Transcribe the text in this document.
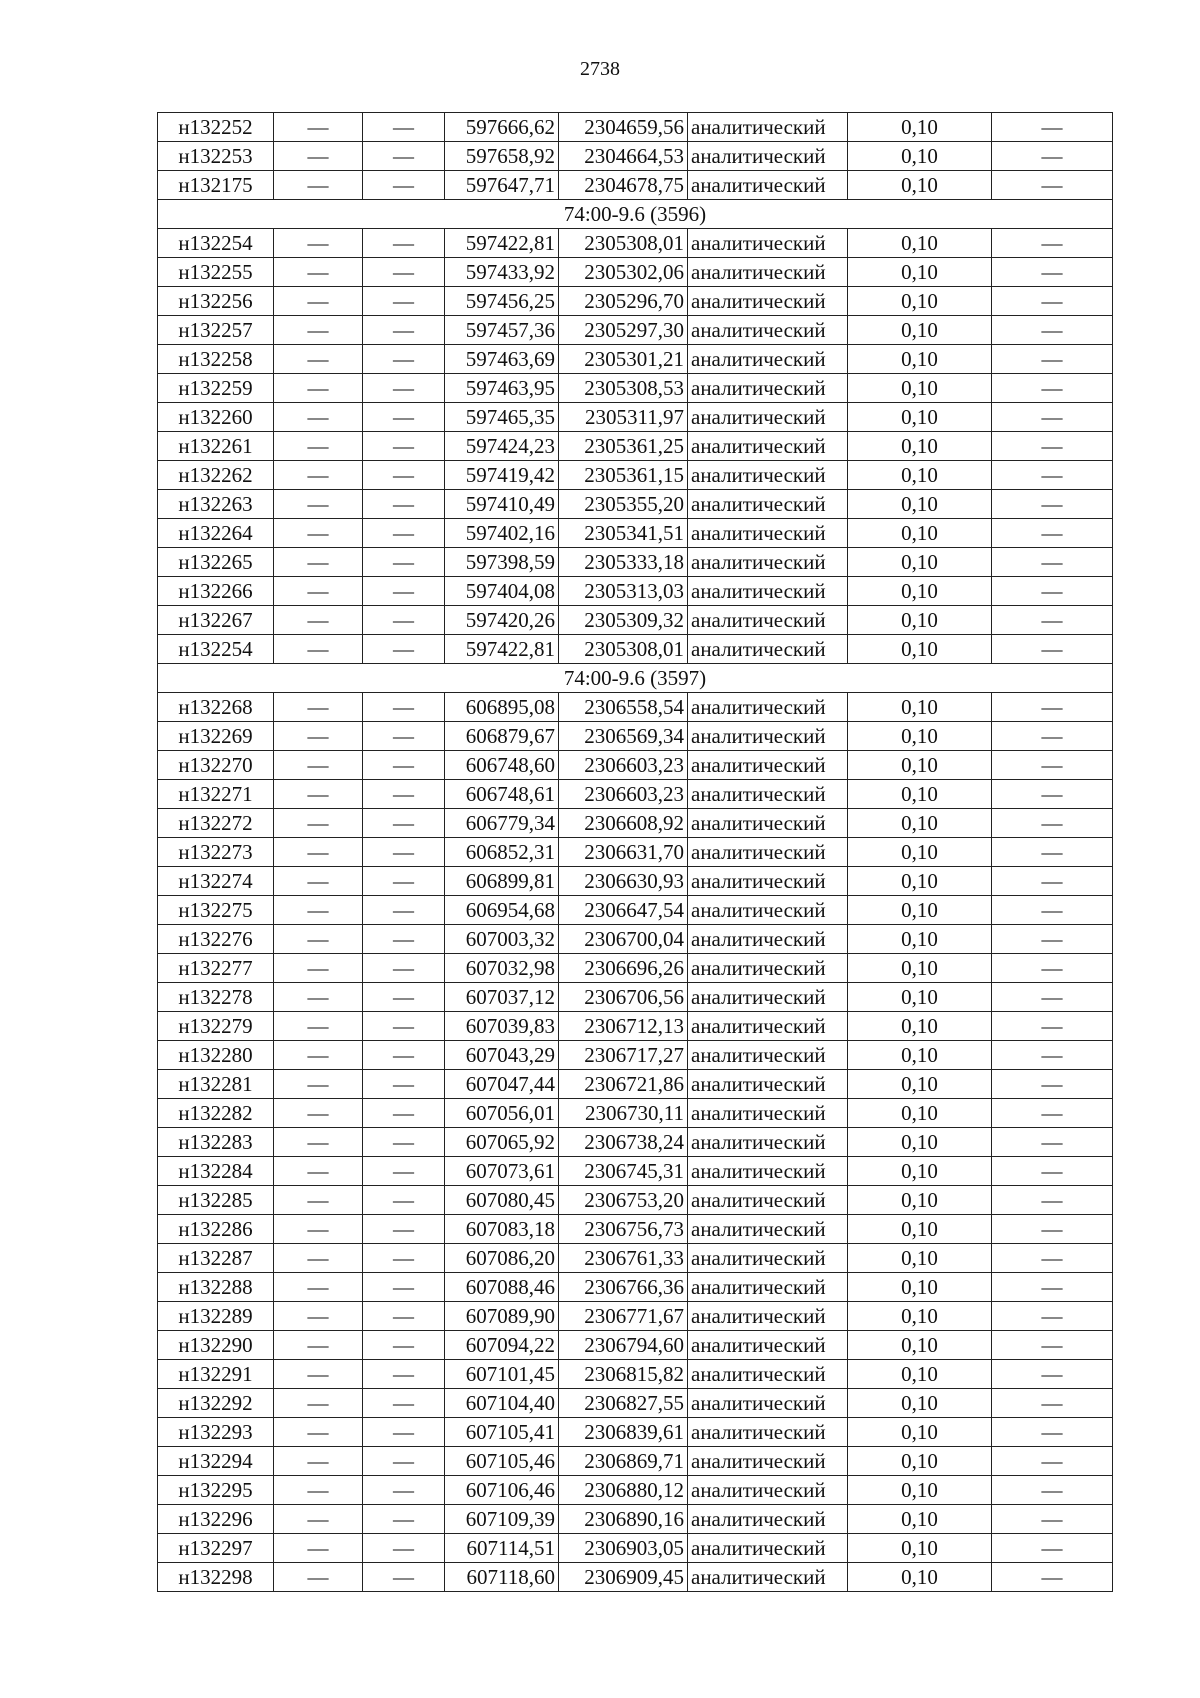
2738
н132252	—	—	597666,62	2304659,56	аналитический	0,10	—
н132253	—	—	597658,92	2304664,53	аналитический	0,10	—
н132175	—	—	597647,71	2304678,75	аналитический	0,10	—
74:00-9.6 (3596)							
н132254	—	—	597422,81	2305308,01	аналитический	0,10	—
н132255	—	—	597433,92	2305302,06	аналитический	0,10	—
н132256	—	—	597456,25	2305296,70	аналитический	0,10	—
н132257	—	—	597457,36	2305297,30	аналитический	0,10	—
н132258	—	—	597463,69	2305301,21	аналитический	0,10	—
н132259	—	—	597463,95	2305308,53	аналитический	0,10	—
н132260	—	—	597465,35	2305311,97	аналитический	0,10	—
н132261	—	—	597424,23	2305361,25	аналитический	0,10	—
н132262	—	—	597419,42	2305361,15	аналитический	0,10	—
н132263	—	—	597410,49	2305355,20	аналитический	0,10	—
н132264	—	—	597402,16	2305341,51	аналитический	0,10	—
н132265	—	—	597398,59	2305333,18	аналитический	0,10	—
н132266	—	—	597404,08	2305313,03	аналитический	0,10	—
н132267	—	—	597420,26	2305309,32	аналитический	0,10	—
н132254	—	—	597422,81	2305308,01	аналитический	0,10	—
74:00-9.6 (3597)							
н132268	—	—	606895,08	2306558,54	аналитический	0,10	—
н132269	—	—	606879,67	2306569,34	аналитический	0,10	—
н132270	—	—	606748,60	2306603,23	аналитический	0,10	—
н132271	—	—	606748,61	2306603,23	аналитический	0,10	—
н132272	—	—	606779,34	2306608,92	аналитический	0,10	—
н132273	—	—	606852,31	2306631,70	аналитический	0,10	—
н132274	—	—	606899,81	2306630,93	аналитический	0,10	—
н132275	—	—	606954,68	2306647,54	аналитический	0,10	—
н132276	—	—	607003,32	2306700,04	аналитический	0,10	—
н132277	—	—	607032,98	2306696,26	аналитический	0,10	—
н132278	—	—	607037,12	2306706,56	аналитический	0,10	—
н132279	—	—	607039,83	2306712,13	аналитический	0,10	—
н132280	—	—	607043,29	2306717,27	аналитический	0,10	—
н132281	—	—	607047,44	2306721,86	аналитический	0,10	—
н132282	—	—	607056,01	2306730,11	аналитический	0,10	—
н132283	—	—	607065,92	2306738,24	аналитический	0,10	—
н132284	—	—	607073,61	2306745,31	аналитический	0,10	—
н132285	—	—	607080,45	2306753,20	аналитический	0,10	—
н132286	—	—	607083,18	2306756,73	аналитический	0,10	—
н132287	—	—	607086,20	2306761,33	аналитический	0,10	—
н132288	—	—	607088,46	2306766,36	аналитический	0,10	—
н132289	—	—	607089,90	2306771,67	аналитический	0,10	—
н132290	—	—	607094,22	2306794,60	аналитический	0,10	—
н132291	—	—	607101,45	2306815,82	аналитический	0,10	—
н132292	—	—	607104,40	2306827,55	аналитический	0,10	—
н132293	—	—	607105,41	2306839,61	аналитический	0,10	—
н132294	—	—	607105,46	2306869,71	аналитический	0,10	—
н132295	—	—	607106,46	2306880,12	аналитический	0,10	—
н132296	—	—	607109,39	2306890,16	аналитический	0,10	—
н132297	—	—	607114,51	2306903,05	аналитический	0,10	—
н132298	—	—	607118,60	2306909,45	аналитический	0,10	—
